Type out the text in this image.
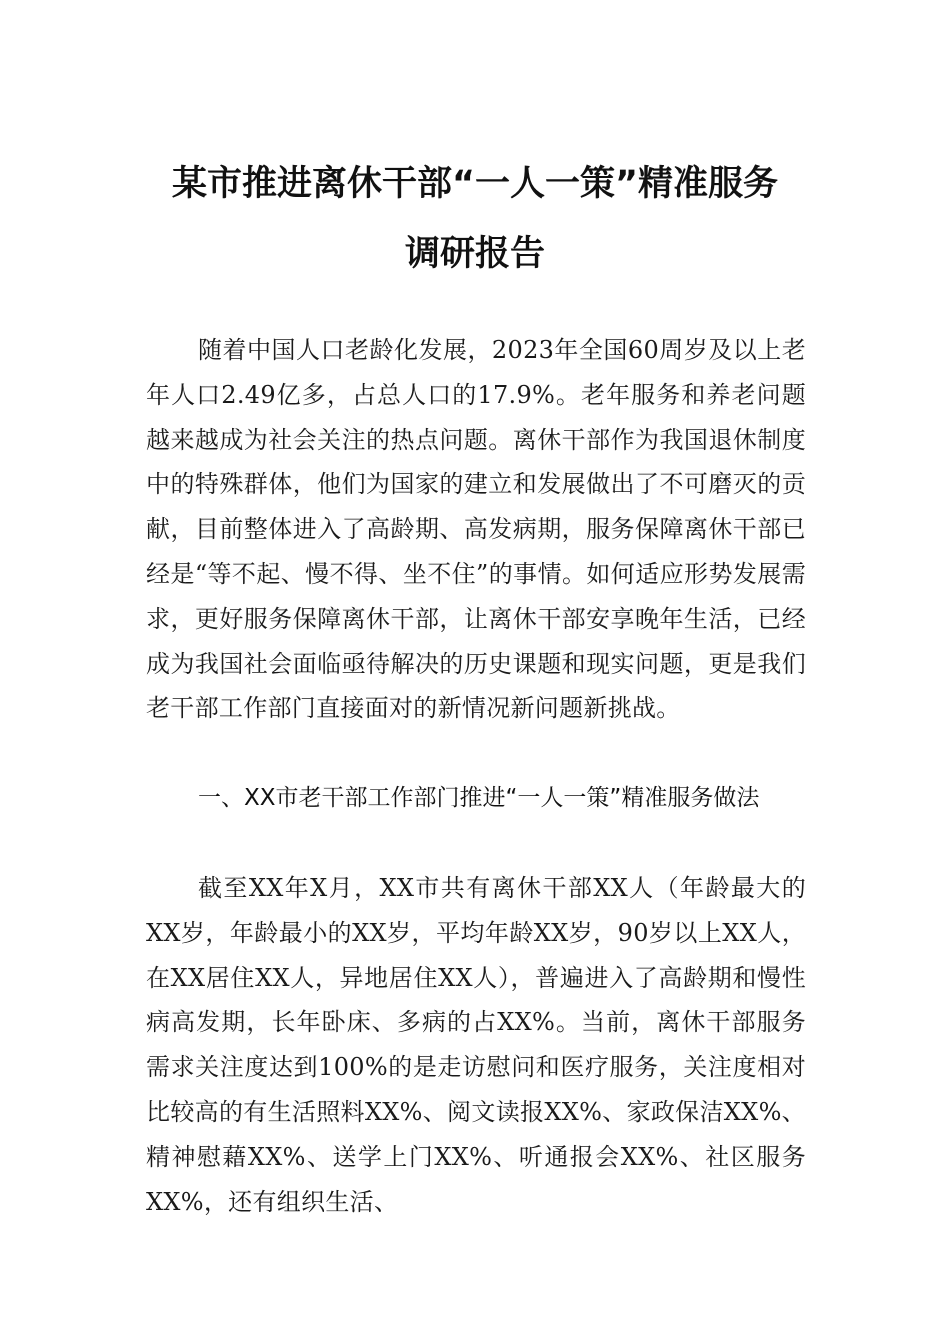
某市推进离休干部“一人一策”精准服务
调研报告

随着中国人口老龄化发展，2023年全国60周岁及以上老年人口2.49亿多，占总人口的17.9%。老年服务和养老问题越来越成为社会关注的热点问题。离休干部作为我国退休制度中的特殊群体，他们为国家的建立和发展做出了不可磨灭的贡献，目前整体进入了高龄期、高发病期，服务保障离休干部已经是“等不起、慢不得、坐不住”的事情。如何适应形势发展需求，更好服务保障离休干部，让离休干部安享晚年生活，已经成为我国社会面临亟待解决的历史课题和现实问题，更是我们老干部工作部门直接面对的新情况新问题新挑战。

一、XX市老干部工作部门推进“一人一策”精准服务做法

截至XX年X月，XX市共有离休干部XX人（年龄最大的XX岁，年龄最小的XX岁，平均年龄XX岁，90岁以上XX人，在XX居住XX人，异地居住XX人），普遍进入了高龄期和慢性病高发期，长年卧床、多病的占XX%。当前，离休干部服务需求关注度达到100%的是走访慰问和医疗服务，关注度相对比较高的有生活照料XX%、阅文读报XX%、家政保洁XX%、精神慰藉XX%、送学上门XX%、听通报会XX%、社区服务XX%，还有组织生活、
